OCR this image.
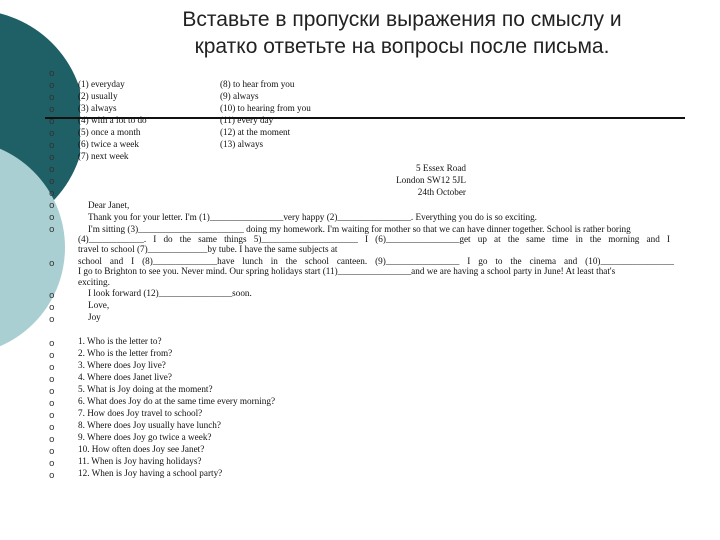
Вставьте в пропуски выражения по смыслу и
кратко ответьте на вопросы после письма.
o
o
o
o
o
o
o
o
o
o
o
o
o
o
o
o
o
o
o
o
o
o
o
o
o
o
o
o
o
o
(1) everyday
(2) usually
(3) always
(4) with a lot to do
(5) once a month
(6) twice a week
(7) next week
(8) to hear from you
(9) always
(10) to hearing from you
(11) every day
(12) at the moment
(13) always
5 Essex Road
London SW12 5JL
24th October
Dear Janet,
Thank you for your letter. I'm (1)________________very happy (2)________________. Everything you do is so exciting.
I'm sitting (3)_______________________ doing my homework. I'm waiting for mother so that we can have dinner together. School is rather boring
(4)____________. I do the same things 5)_____________________ I (6)________________get up at the same time in the morning and I
travel to school (7)_____________by tube. I have the same subjects at
school and I (8)______________have lunch in the school canteen. (9)________________ I go to the cinema and (10)________________
I go to Brighton to see you. Never mind. Our spring holidays start (11)________________and we are having a school party in June! At least that's
exciting.
I look forward (12)________________soon.
Love,
Joy
1. Who is the letter to?
2. Who is the letter from?
3. Where does Joy live?
4. Where does Janet live?
5. What is Joy doing at the moment?
6. What does Joy do at the same time every morning?
7. How does Joy travel to school?
8. Where does Joy usually have lunch?
9. Where does Joy go twice a week?
10. How often does Joy see Janet?
11. When is Joy having holidays?
12. When is Joy having a school party?
